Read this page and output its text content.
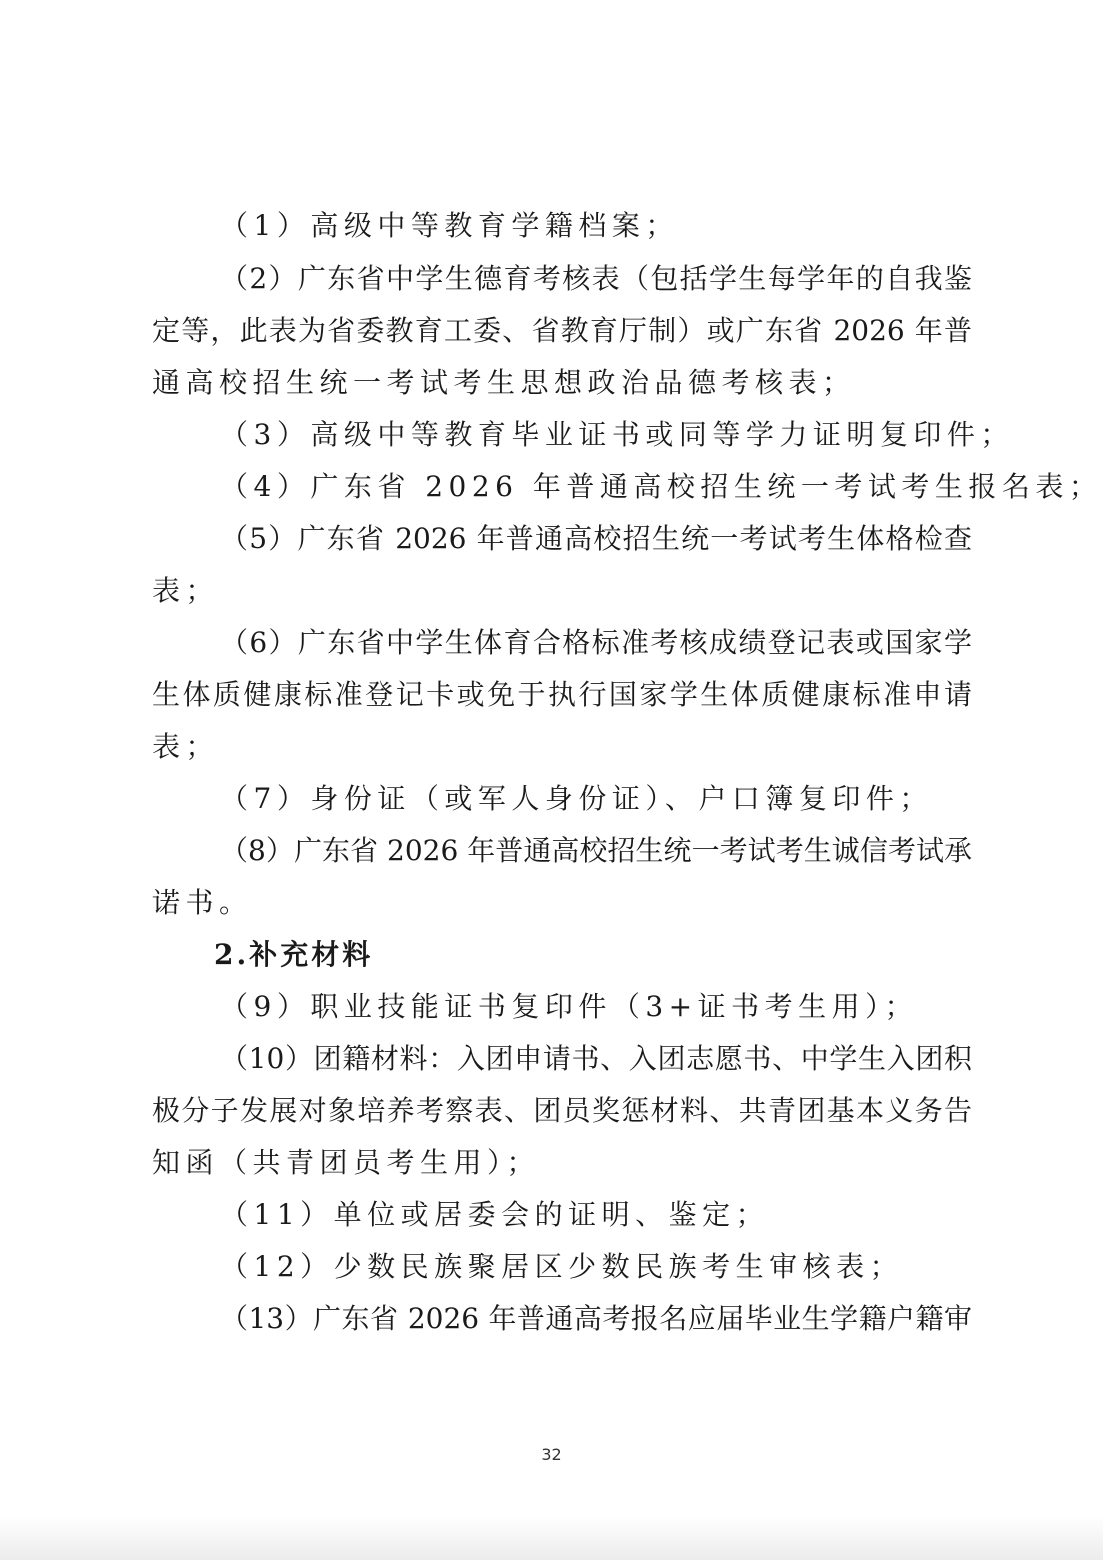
（1）高级中等教育学籍档案；
（2）广东省中学生德育考核表（包括学生每学年的自我鉴
定等，此表为省委教育工委、省教育厅制）或广东省 2026 年普
通高校招生统一考试考生思想政治品德考核表；
（3）高级中等教育毕业证书或同等学力证明复印件；
（4）广东省 2026 年普通高校招生统一考试考生报名表；
（5）广东省 2026 年普通高校招生统一考试考生体格检查
表；
（6）广东省中学生体育合格标准考核成绩登记表或国家学
生体质健康标准登记卡或免于执行国家学生体质健康标准申请
表；
（7）身份证（或军人身份证）、户口簿复印件；
（8）广东省 2026 年普通高校招生统一考试考生诚信考试承
诺书。
2.补充材料
（9）职业技能证书复印件（3+证书考生用）；
（10）团籍材料：入团申请书、入团志愿书、中学生入团积
极分子发展对象培养考察表、团员奖惩材料、共青团基本义务告
知函（共青团员考生用）；
（11）单位或居委会的证明、鉴定；
（12）少数民族聚居区少数民族考生审核表；
（13）广东省 2026 年普通高考报名应届毕业生学籍户籍审
32
